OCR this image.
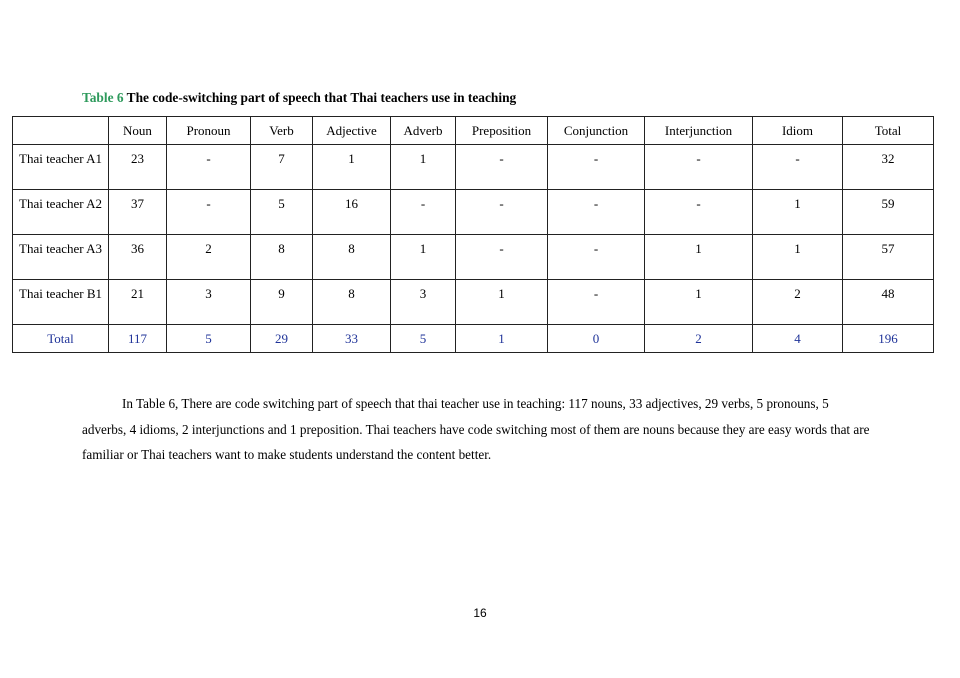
Table 6 The code-switching part of speech that Thai teachers use in teaching
	Noun	Pronoun	Verb	Adjective	Adverb	Preposition	Conjunction	Interjunction	Idiom	Total
Thai teacher A1	23	-	7	1	1	-	-	-	-	32
Thai teacher A2	37	-	5	16	-	-	-	-	1	59
Thai teacher A3	36	2	8	8	1	-	-	1	1	57
Thai teacher B1	21	3	9	8	3	1	-	1	2	48
Total	117	5	29	33	5	1	0	2	4	196

In Table 6, There are code switching part of speech that thai teacher use in teaching: 117 nouns, 33 adjectives, 29 verbs, 5 pronouns, 5 adverbs, 4 idioms, 2 interjunctions and 1 preposition. Thai teachers have code switching most of them are nouns because they are easy words that are familiar or Thai teachers want to make students understand the content better.

16
